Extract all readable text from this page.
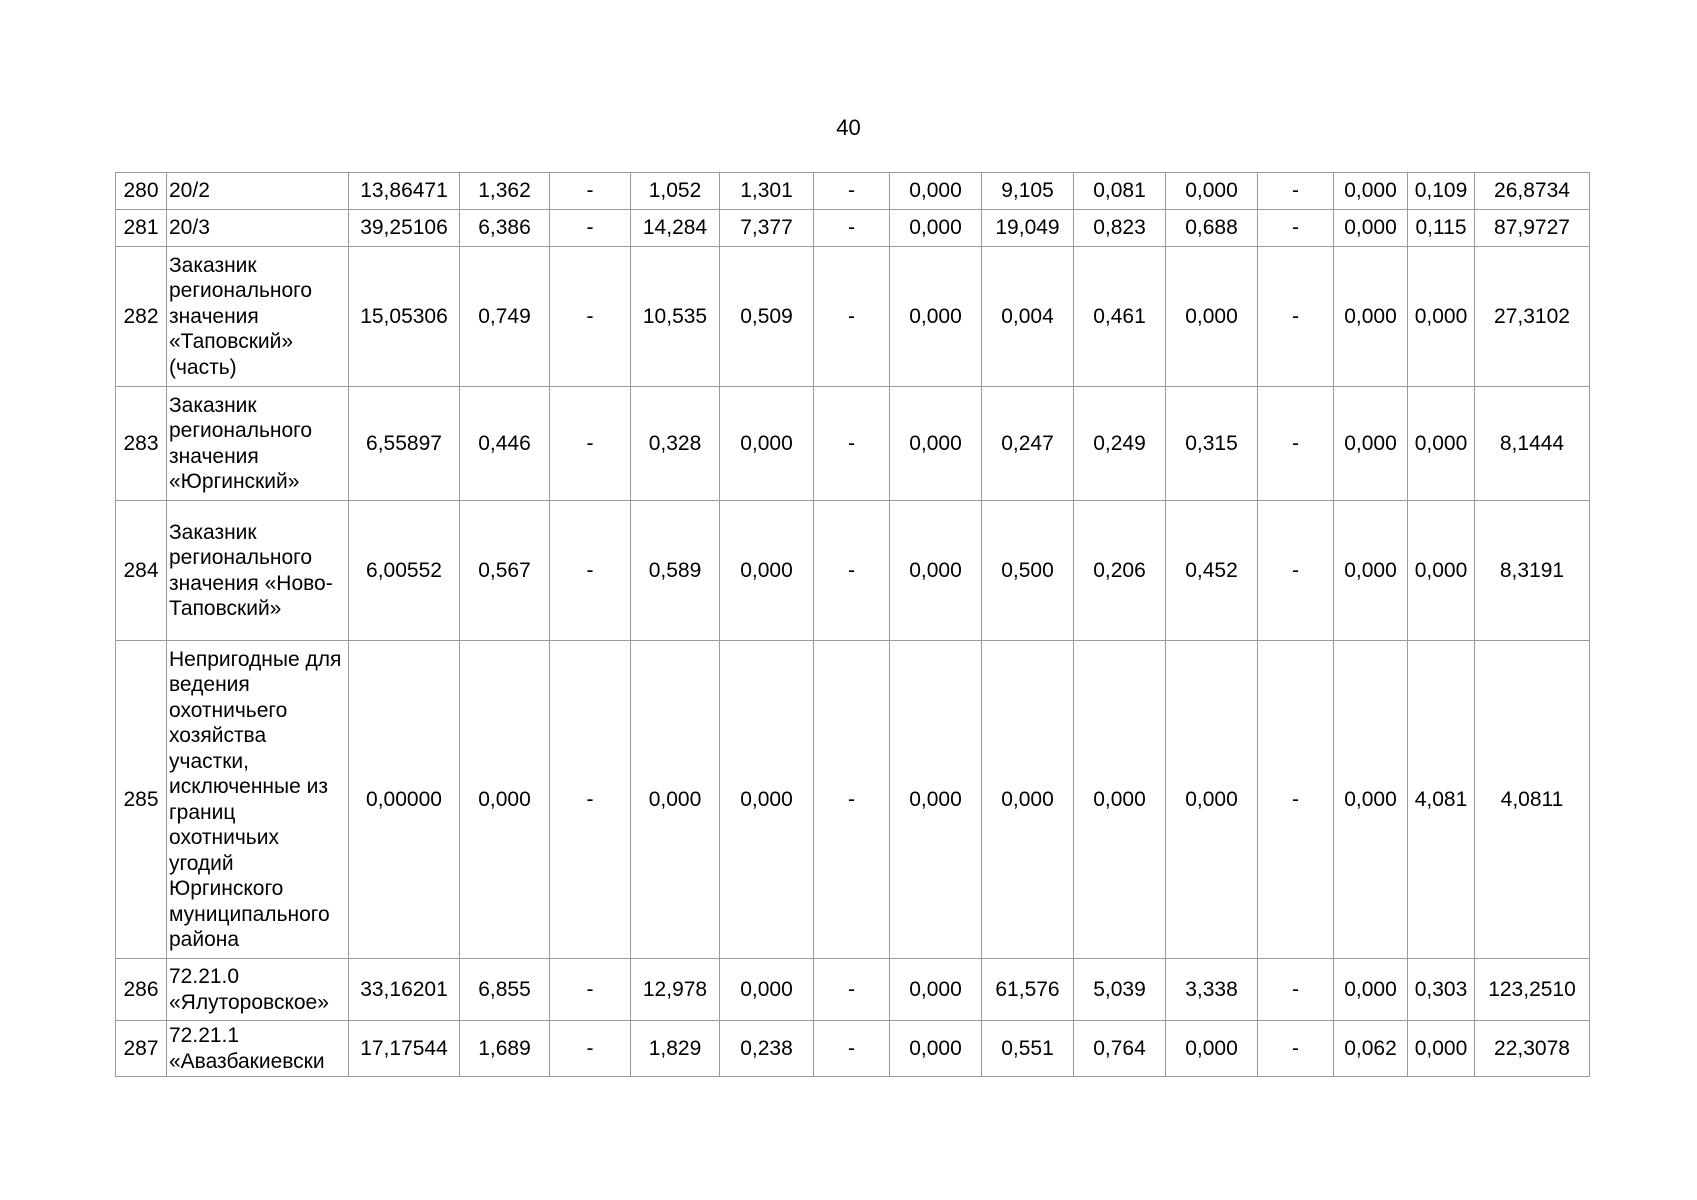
40
280	20/2	13,86471	1,362	-	1,052	1,301	-	0,000	9,105	0,081	0,000	-	0,000	0,109	26,8734
281	20/3	39,25106	6,386	-	14,284	7,377	-	0,000	19,049	0,823	0,688	-	0,000	0,115	87,9727
282	Заказник регионального значения «Таповский» (часть)	15,05306	0,749	-	10,535	0,509	-	0,000	0,004	0,461	0,000	-	0,000	0,000	27,3102
283	Заказник регионального значения «Юргинский»	6,55897	0,446	-	0,328	0,000	-	0,000	0,247	0,249	0,315	-	0,000	0,000	8,1444
284	Заказник регионального значения «Ново-Таповский»	6,00552	0,567	-	0,589	0,000	-	0,000	0,500	0,206	0,452	-	0,000	0,000	8,3191
285	Непригодные для ведения охотничьего хозяйства участки, исключенные из границ охотничьих угодий Юргинского муниципального района	0,00000	0,000	-	0,000	0,000	-	0,000	0,000	0,000	0,000	-	0,000	4,081	4,0811
286	72.21.0 «Ялуторовское»	33,16201	6,855	-	12,978	0,000	-	0,000	61,576	5,039	3,338	-	0,000	0,303	123,2510
287	72.21.1 «Авазбакиевски	17,17544	1,689	-	1,829	0,238	-	0,000	0,551	0,764	0,000	-	0,062	0,000	22,3078
